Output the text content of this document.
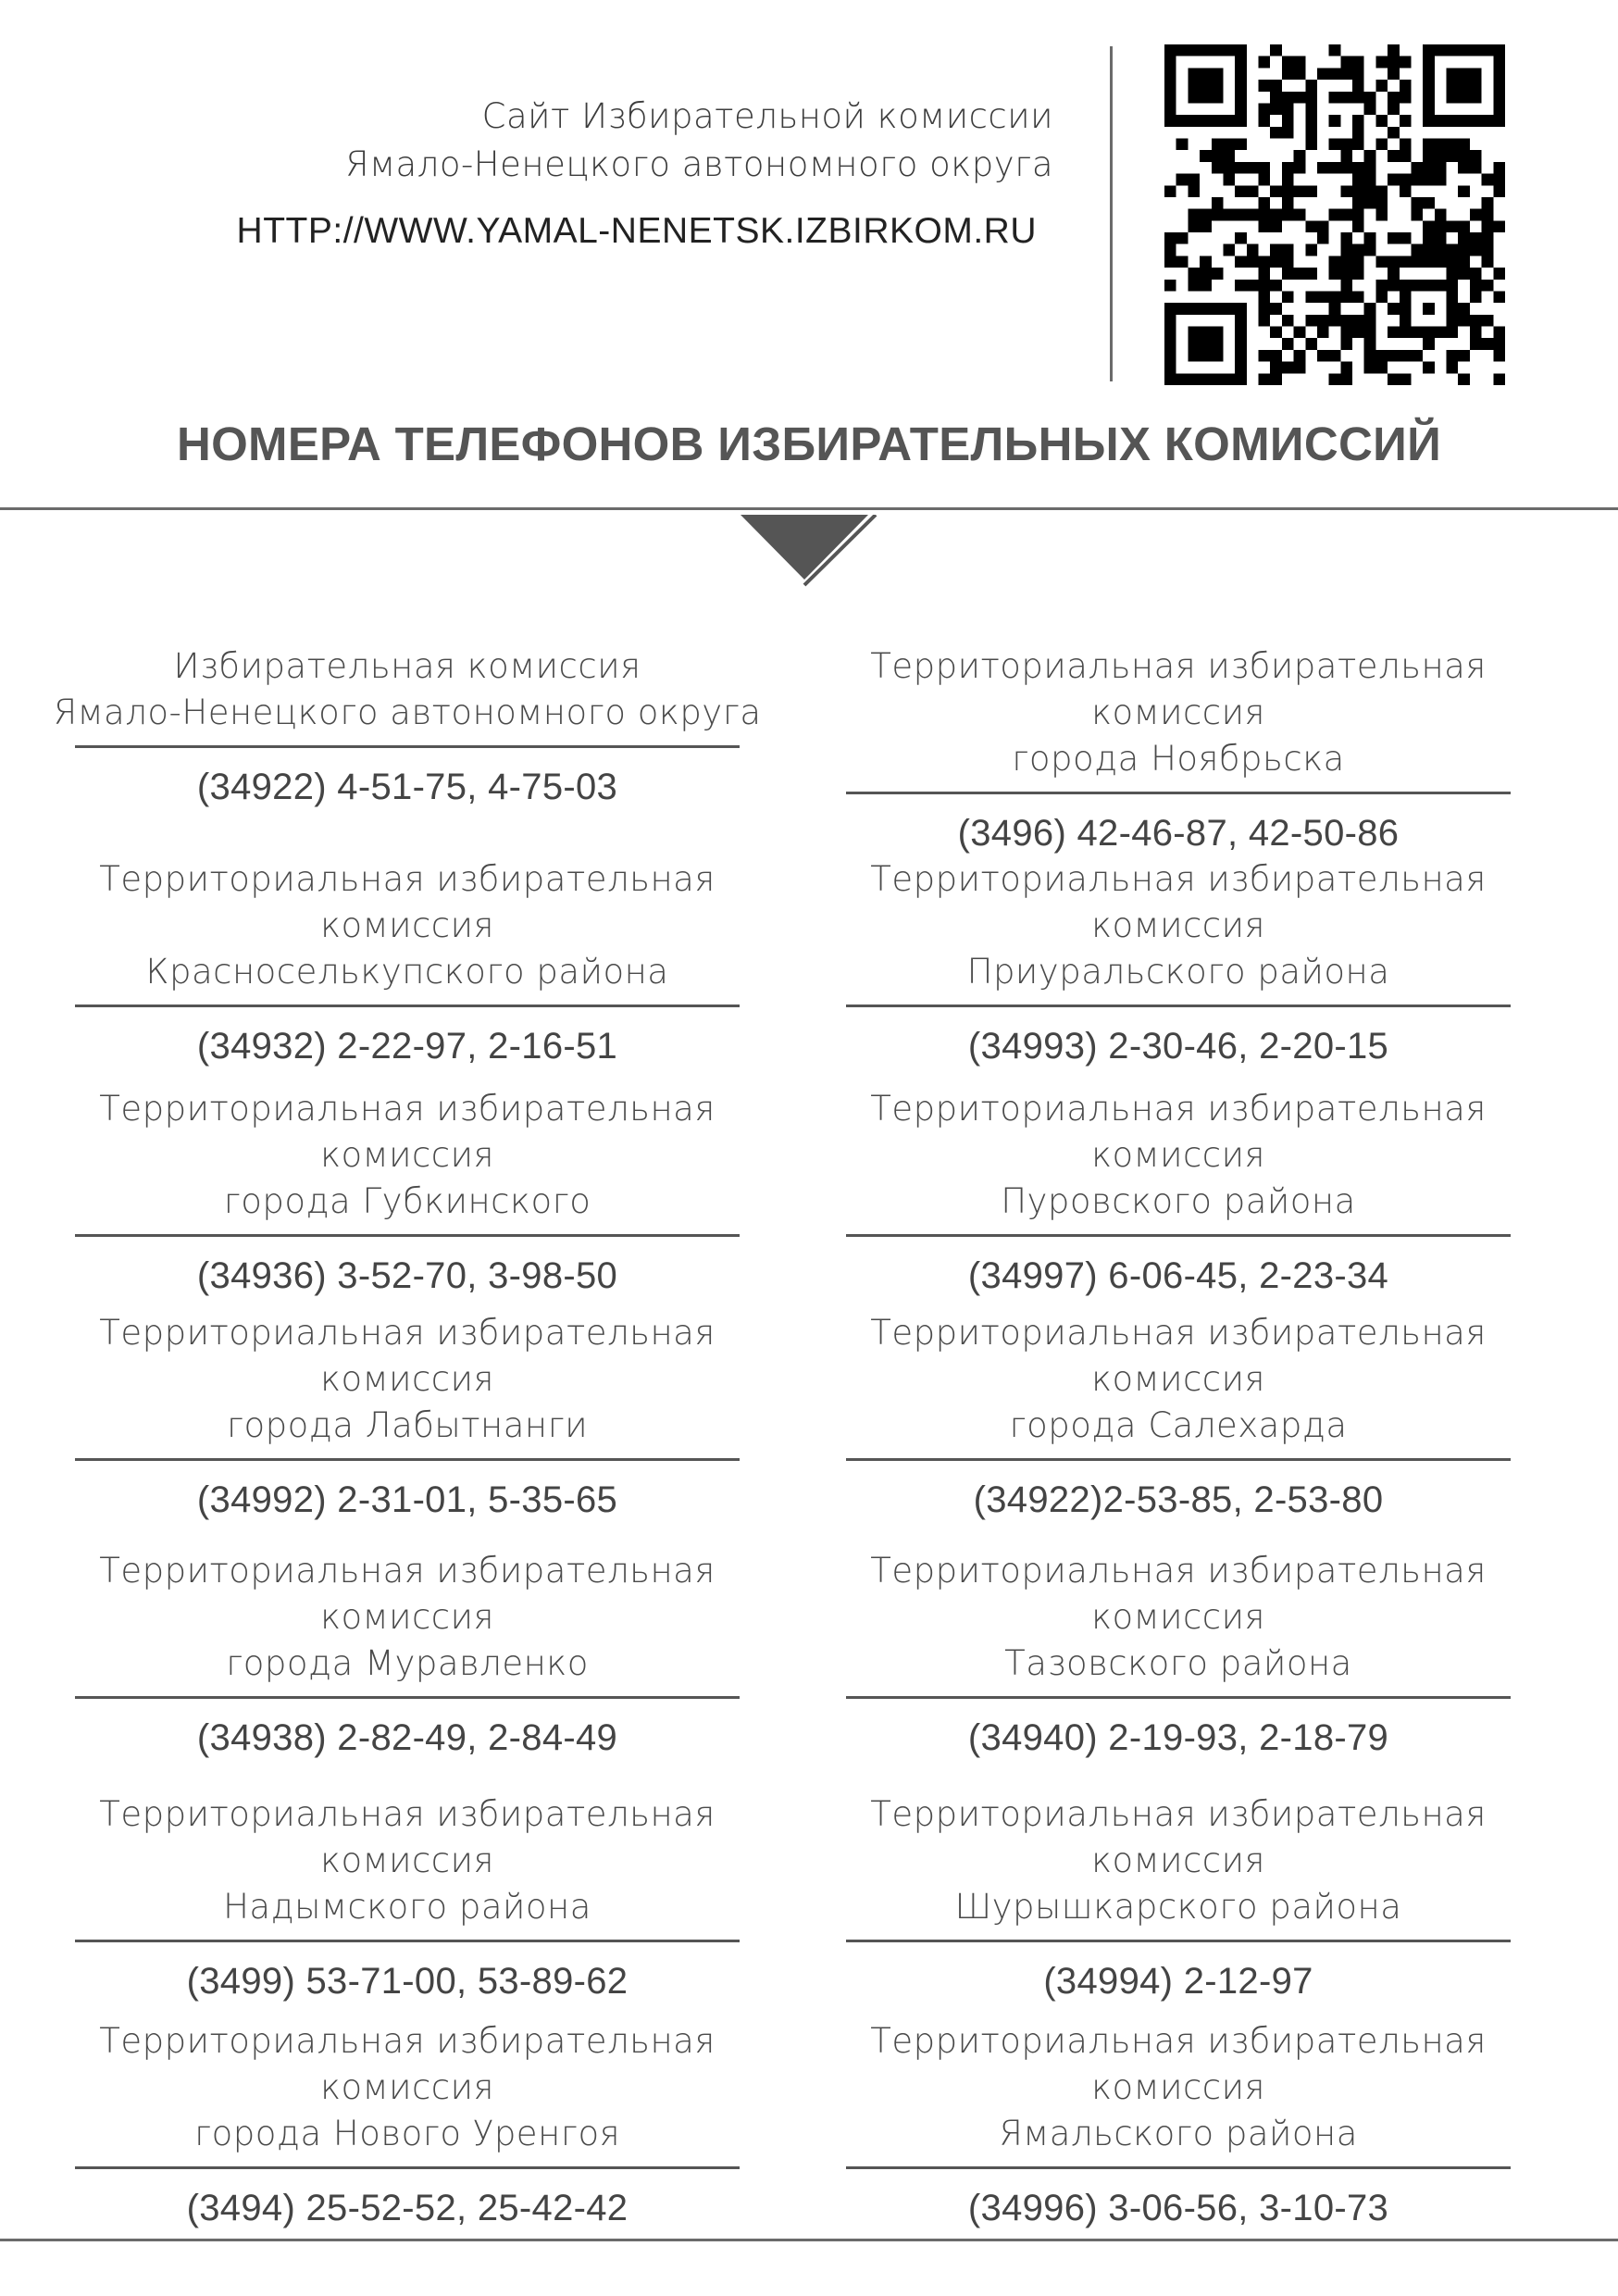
Сайт Избирательной комиссии
Ямало-Ненецкого автономного округа
HTTP://WWW.YAMAL-NENETSK.IZBIRKOM.RU
НОМЕРА ТЕЛЕФОНОВ ИЗБИРАТЕЛЬНЫХ КОМИССИЙ
Избирательная комиссия
Ямало-Ненецкого автономного округа
(34922) 4-51-75, 4-75-03
Территориальная избирательная комиссия
города Ноябрьска
(3496) 42-46-87, 42-50-86
Территориальная избирательная комиссия
Красноселькупского района
(34932) 2-22-97, 2-16-51
Территориальная избирательная комиссия
Приуральского района
(34993) 2-30-46, 2-20-15
Территориальная избирательная комиссия
города Губкинского
(34936) 3-52-70, 3-98-50
Территориальная избирательная комиссия
Пуровского района
(34997) 6-06-45, 2-23-34
Территориальная избирательная комиссия
города Лабытнанги
(34992) 2-31-01, 5-35-65
Территориальная избирательная комиссия
города Салехарда
(34922)2-53-85, 2-53-80
Территориальная избирательная комиссия
города Муравленко
(34938) 2-82-49, 2-84-49
Территориальная избирательная комиссия
Тазовского района
(34940) 2-19-93, 2-18-79
Территориальная избирательная комиссия
Надымского района
(3499) 53-71-00, 53-89-62
Территориальная избирательная комиссия
Шурышкарского района
(34994) 2-12-97
Территориальная избирательная комиссия
города Нового Уренгоя
(3494) 25-52-52, 25-42-42
Территориальная избирательная комиссия
Ямальского района
(34996) 3-06-56, 3-10-73
